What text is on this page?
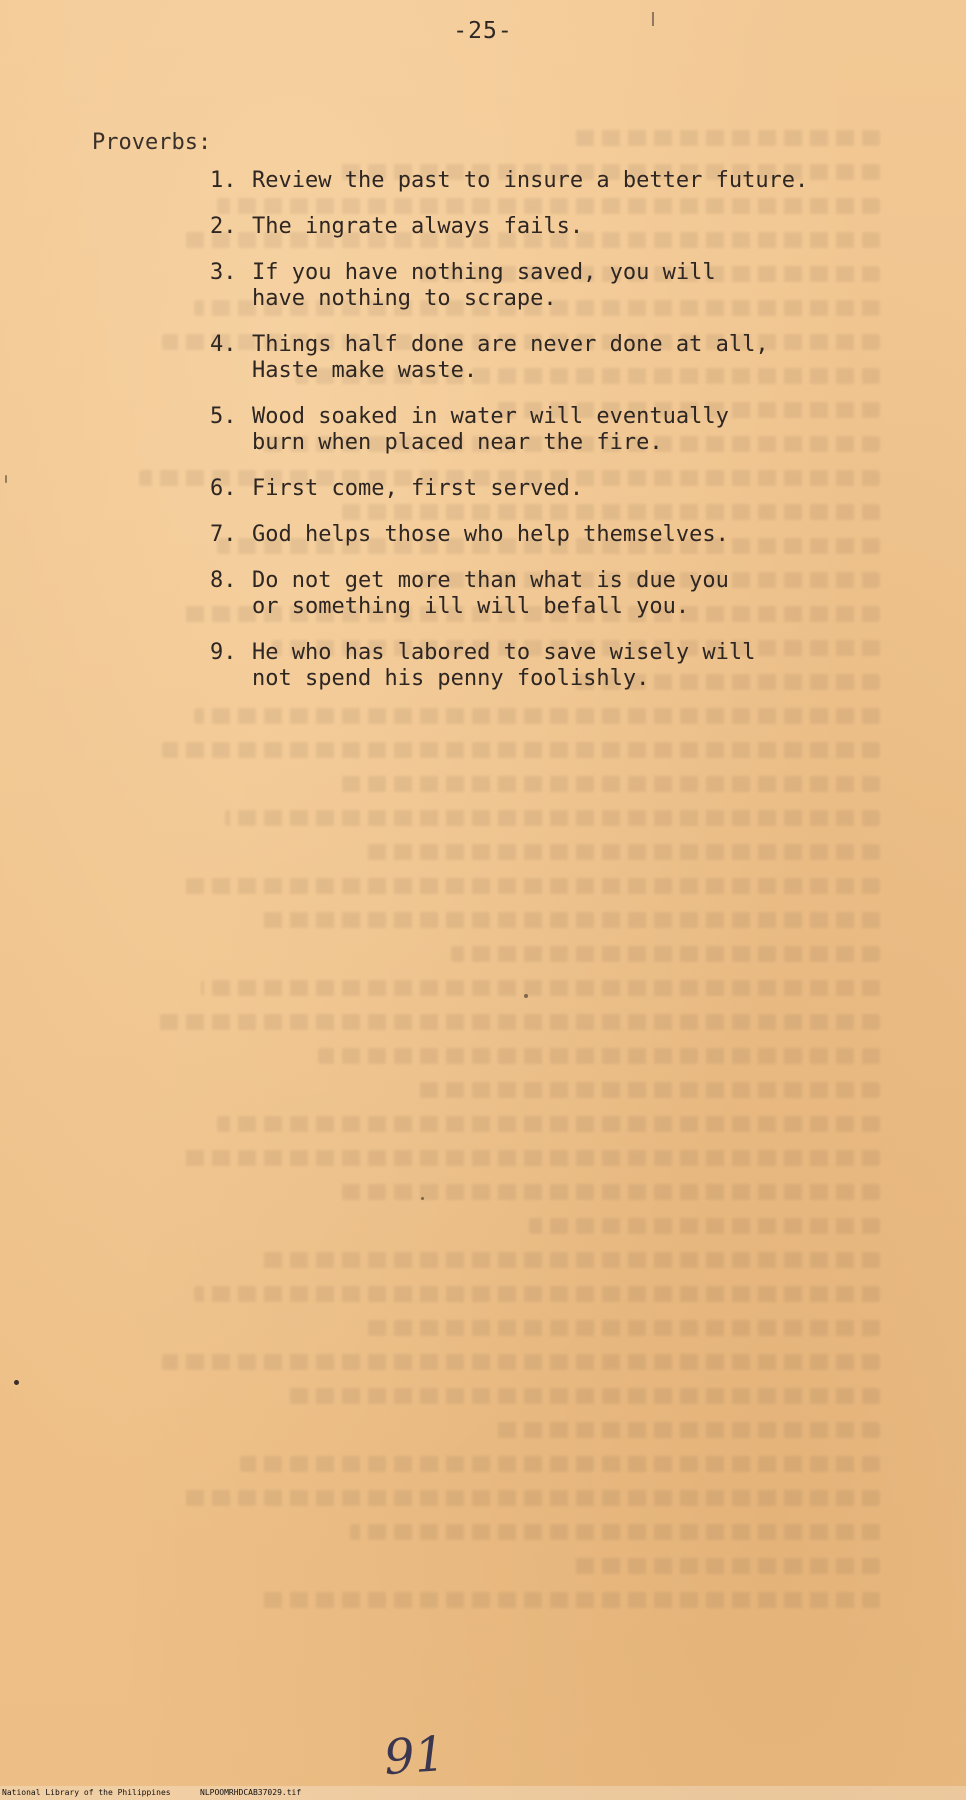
-25-
Proverbs:
1. Review the past to insure a better future.
2. The ingrate always fails.
3. If you have nothing saved, you will
have nothing to scrape.
4. Things half done are never done at all,
Haste make waste.
5. Wood soaked in water will eventually
burn when placed near the fire.
6. First come, first served.
7. God helps those who help themselves.
8. Do not get more than what is due you
or something ill will befall you.
9. He who has labored to save wisely will
not spend his penny foolishly.
91
National Library of the Philippines	NLPOOMRHDCAB37029.tif
